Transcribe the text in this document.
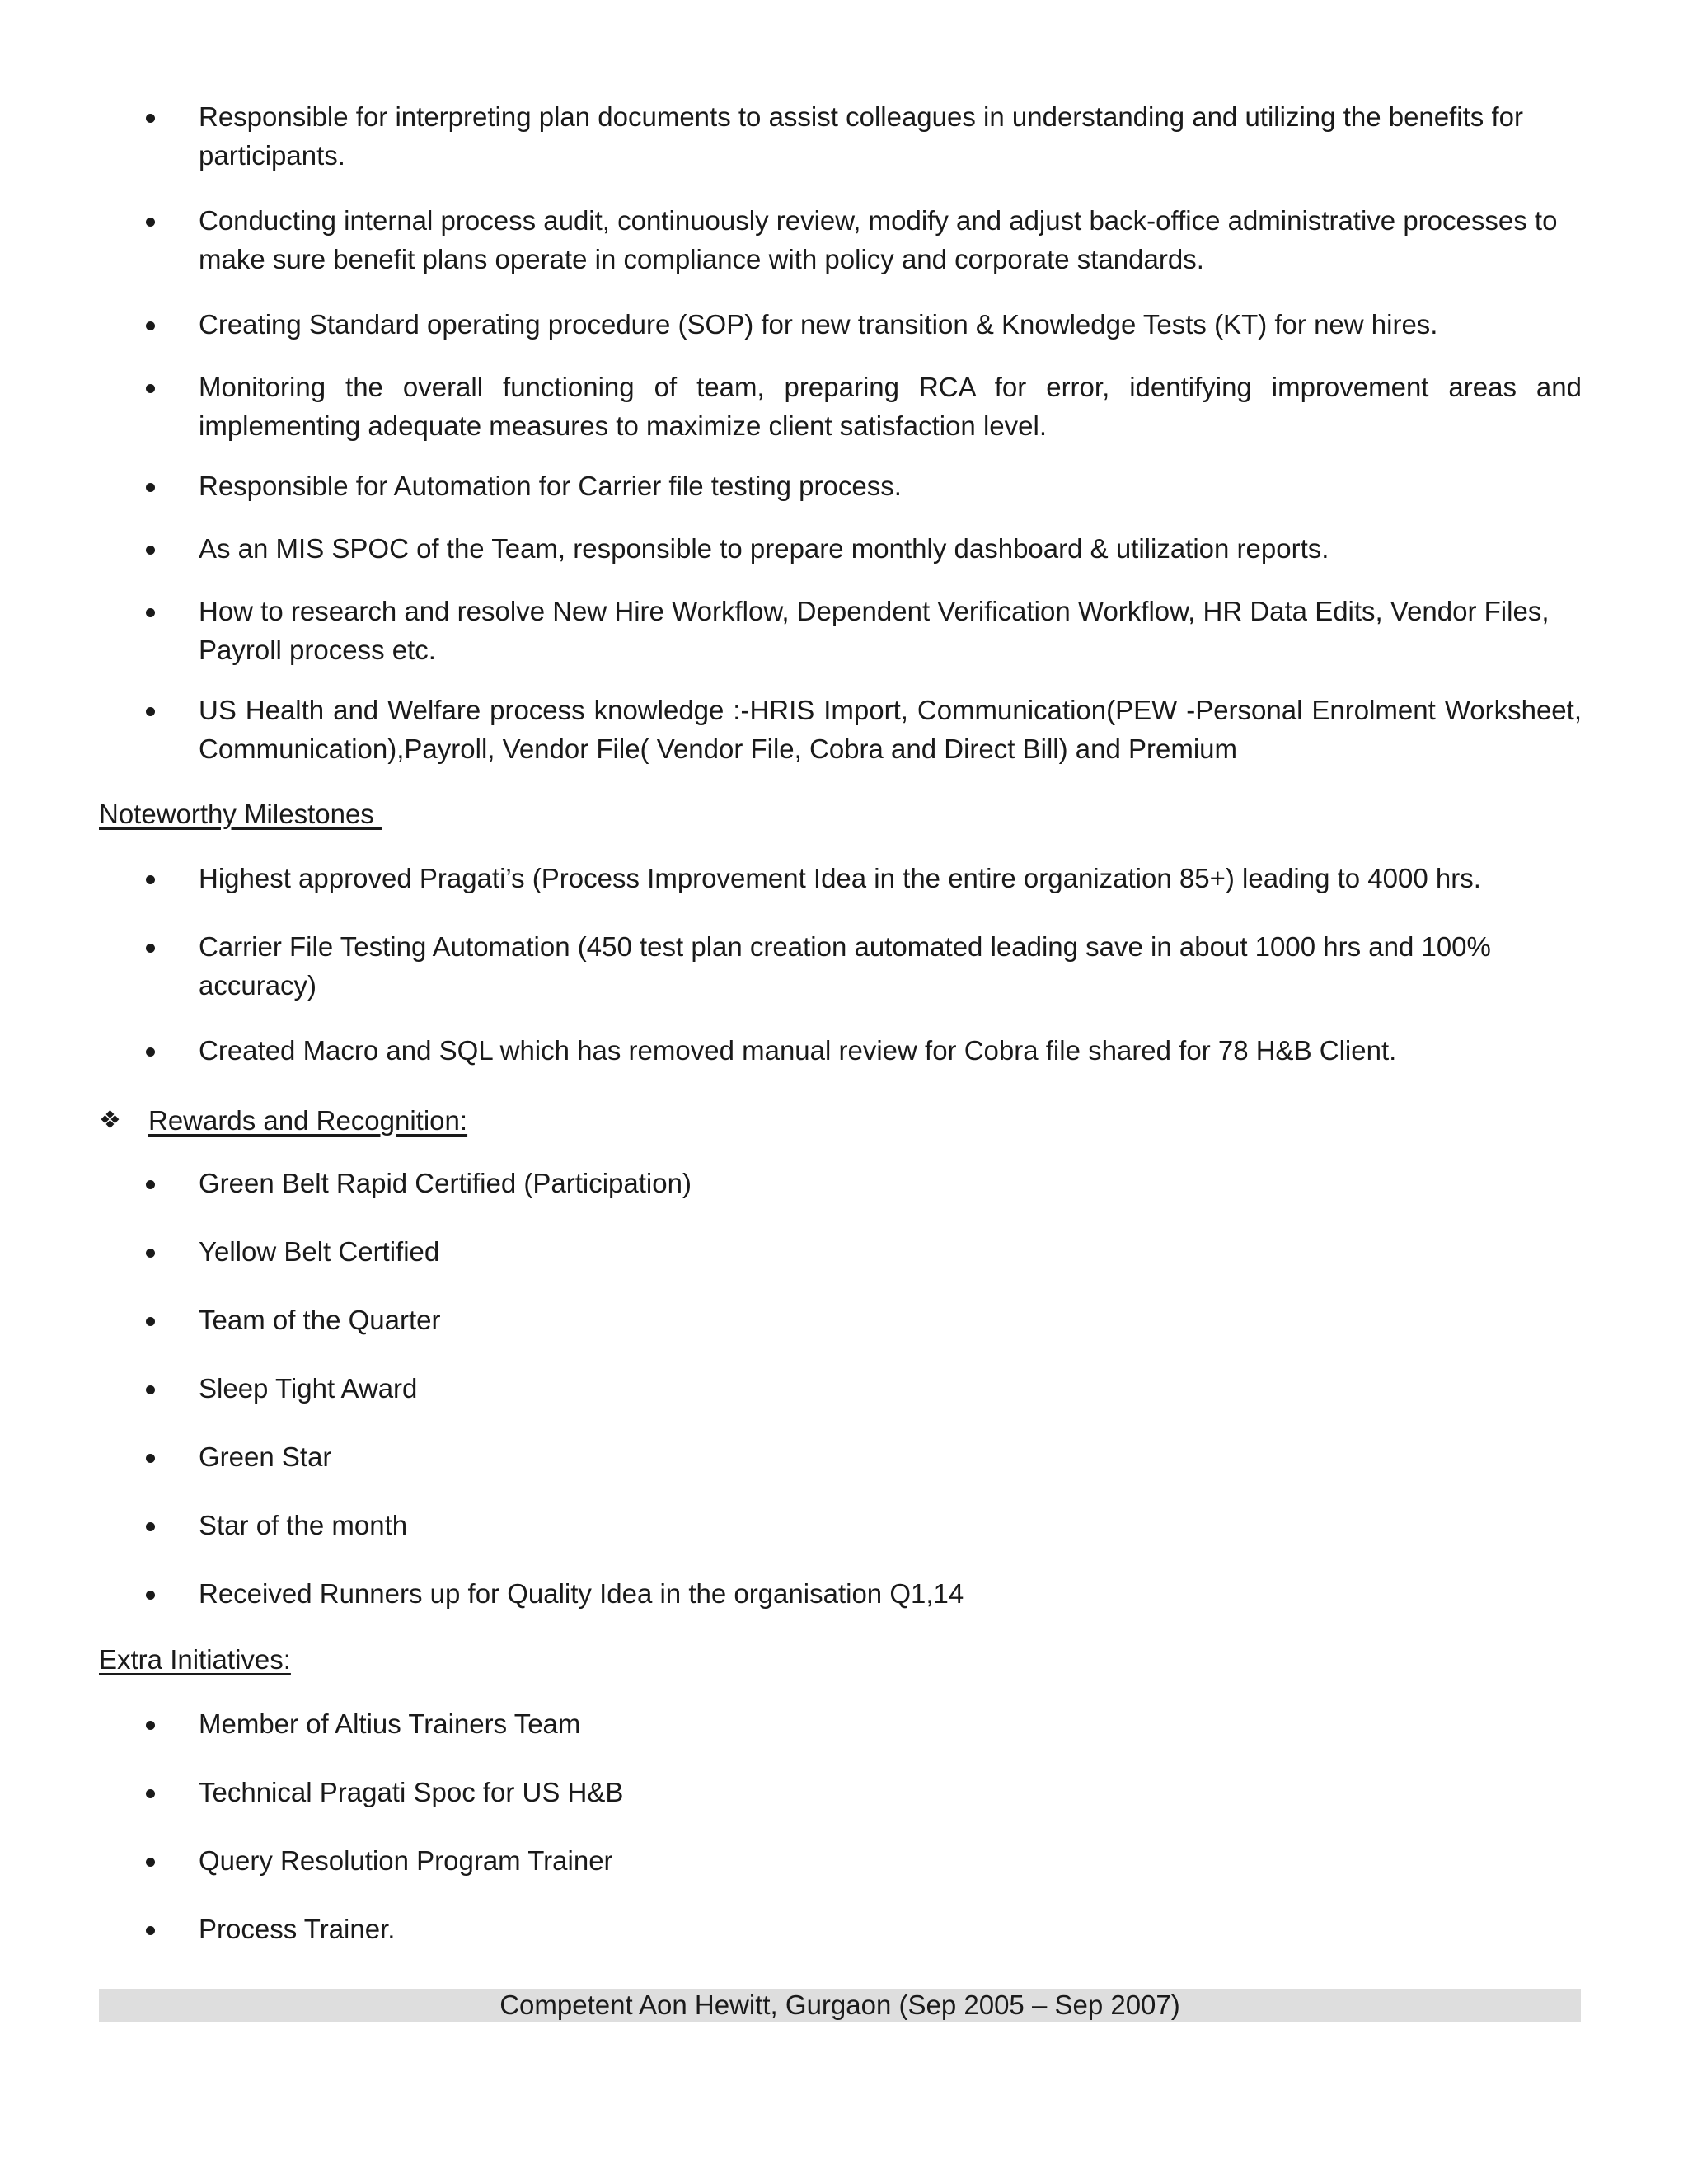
Responsible for interpreting plan documents to assist colleagues in understanding and utilizing the benefits for participants.
Conducting internal process audit, continuously review, modify and adjust back-office administrative processes to make sure benefit plans operate in compliance with policy and corporate standards.
Creating Standard operating procedure (SOP) for new transition & Knowledge Tests (KT) for new hires.
Monitoring the overall functioning of team, preparing RCA for error, identifying improvement areas and implementing adequate measures to maximize client satisfaction level.
Responsible for Automation for Carrier file testing process.
As an MIS SPOC of the Team, responsible to prepare monthly dashboard & utilization reports.
How to research and resolve New Hire Workflow, Dependent Verification Workflow, HR Data Edits, Vendor Files, Payroll process etc.
US Health and Welfare process knowledge :-HRIS Import, Communication(PEW -Personal Enrolment Worksheet, Communication),Payroll, Vendor File( Vendor File, Cobra and Direct Bill) and Premium
Noteworthy Milestones
Highest approved Pragati’s (Process Improvement Idea in the entire organization 85+) leading to 4000 hrs.
Carrier File Testing Automation (450 test plan creation automated leading save in about 1000 hrs and 100% accuracy)
Created Macro and SQL which has removed manual review for Cobra file shared for 78 H&B Client.
❖ Rewards and Recognition:
Green Belt Rapid Certified (Participation)
Yellow Belt Certified
Team of the Quarter
Sleep Tight Award
Green Star
Star of the month
Received Runners up for Quality Idea in the organisation Q1,14
Extra Initiatives:
Member of Altius Trainers Team
Technical Pragati Spoc for US H&B
Query Resolution Program Trainer
Process Trainer.
Competent Aon Hewitt, Gurgaon (Sep 2005 – Sep 2007)
